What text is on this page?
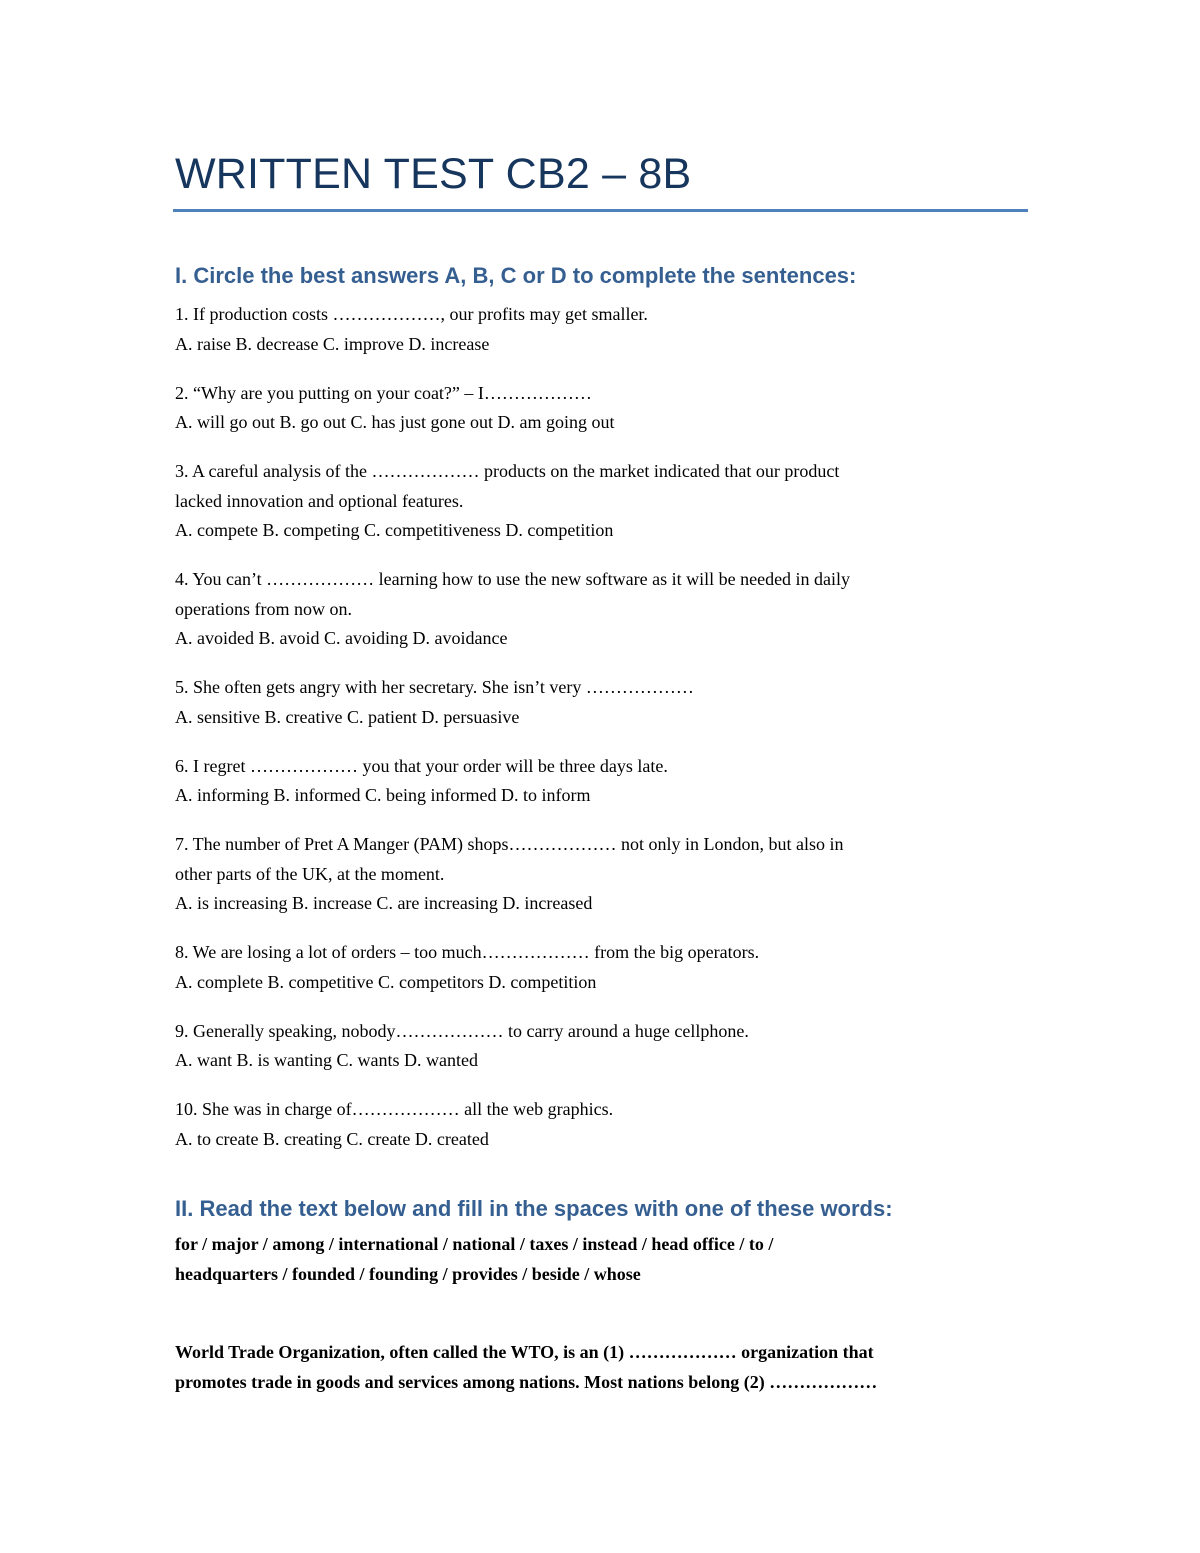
WRITTEN TEST CB2 – 8B
I. Circle the best answers A, B, C or D to complete the sentences:
1. If production costs ………………, our profits may get smaller.
A. raise B. decrease C. improve D. increase
2. “Why are you putting on your coat?” – I………………
A. will go out B. go out C. has just gone out D. am going out
3. A careful analysis of the ……………… products on the market indicated that our product
lacked innovation and optional features.
A. compete B. competing C. competitiveness D. competition
4. You can’t ……………… learning how to use the new software as it will be needed in daily
operations from now on.
A. avoided B. avoid C. avoiding D. avoidance
5. She often gets angry with her secretary. She isn’t very ………………
A. sensitive B. creative C. patient D. persuasive
6. I regret ……………… you that your order will be three days late.
A. informing B. informed C. being informed D. to inform
7. The number of Pret A Manger (PAM) shops……………… not only in London, but also in
other parts of the UK, at the moment.
A. is increasing B. increase C. are increasing D. increased
8. We are losing a lot of orders – too much……………… from the big operators.
A. complete B. competitive C. competitors D. competition
9. Generally speaking, nobody……………… to carry around a huge cellphone.
A. want B. is wanting C. wants D. wanted
10. She was in charge of……………… all the web graphics.
A. to create B. creating C. create D. created
II. Read the text below and fill in the spaces with one of these words:
for / major / among / international / national / taxes / instead / head office / to /
headquarters / founded / founding / provides / beside / whose
World Trade Organization, often called the WTO, is an (1) ……………… organization that
promotes trade in goods and services among nations. Most nations belong (2) ………………
